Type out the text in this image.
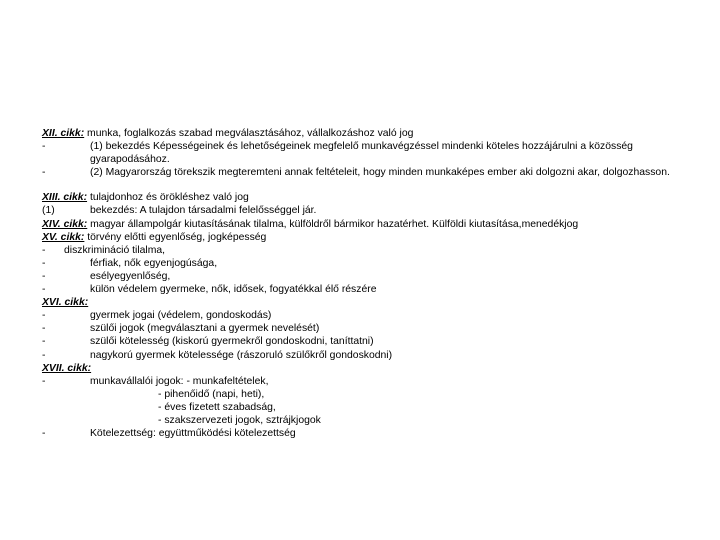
XII. cikk: munka, foglalkozás szabad megválasztásához, vállalkozáshoz való jog
-	(1) bekezdés Képességeinek és lehetőségeinek megfelelő munkavégzéssel mindenki köteles hozzájárulni a közösség gyarapodásához.
-	(2) Magyarország törekszik megteremteni annak feltételeit, hogy minden munkaképes ember aki dolgozni akar, dolgozhasson.
XIII. cikk: tulajdonhoz és örökléshez való jog
(1)	bekezdés: A tulajdon társadalmi felelősséggel jár.
XIV. cikk: magyar állampolgár kiutasításának tilalma, külföldről bármikor hazatérhet. Külföldi kiutasítása,menedékjog
XV. cikk: törvény előtti egyenlőség, jogképesség
-	diszkrimináció tilalma,
-	férfiak, nők egyenjogúsága,
-	esélyegyenlőség,
-	külön védelem gyermeke, nők, idősek, fogyatékkal élő részére
XVI. cikk:
-	gyermek jogai (védelem, gondoskodás)
-	szülői jogok (megválasztani a gyermek nevelését)
-	szülői kötelesség (kiskorú gyermekről gondoskodni, taníttatni)
-	nagykorú gyermek kötelessége (rászoruló szülőkről gondoskodni)
XVII. cikk:
-	munkavállalói jogok: - munkafeltételek,
- pihenőidő (napi, heti),
- éves fizetett szabadság,
- szakszervezeti jogok, sztrájkjogok
-	Kötelezettség: együttműködési kötelezettség
